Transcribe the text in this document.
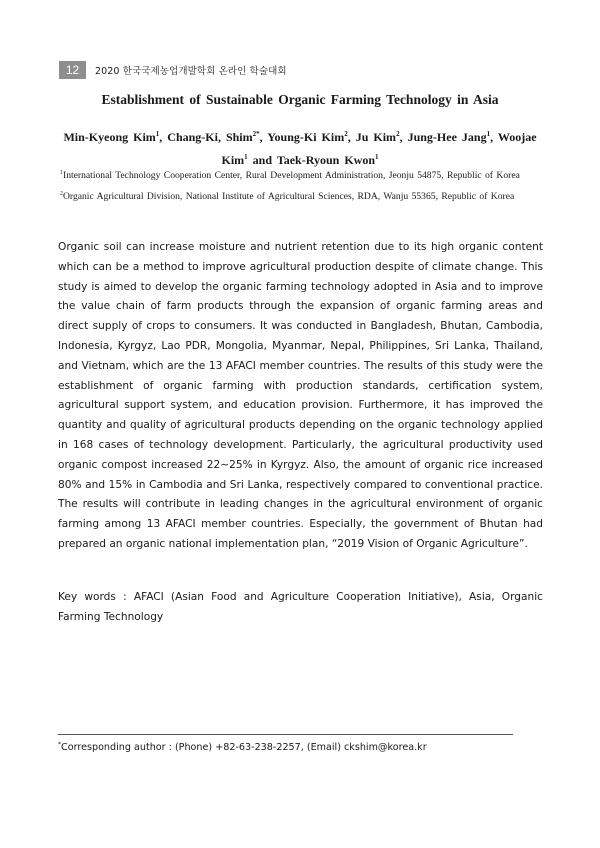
12	2020 한국국제농업개발학회 온라인 학술대회
Establishment of Sustainable Organic Farming Technology in Asia
Min-Kyeong Kim$^1$, Chang-Ki, Shim$^{2*}$, Young-Ki Kim$^2$, Ju Kim$^2$, Jung-Hee Jang$^1$, Woojae Kim$^1$ and Taek-Ryoun Kwon$^1$
$^1$International Technology Cooperation Center, Rural Development Administration, Jeonju 54875, Republic of Korea
$^2$Organic Agricultural Division, National Institute of Agricultural Sciences, RDA, Wanju 55365, Republic of Korea
Organic soil can increase moisture and nutrient retention due to its high organic content which can be a method to improve agricultural production despite of climate change. This study is aimed to develop the organic farming technology adopted in Asia and to improve the value chain of farm products through the expansion of organic farming areas and direct supply of crops to consumers. It was conducted in Bangladesh, Bhutan, Cambodia, Indonesia, Kyrgyz, Lao PDR, Mongolia, Myanmar, Nepal, Philippines, Sri Lanka, Thailand, and Vietnam, which are the 13 AFACI member countries. The results of this study were the establishment of organic farming with production standards, certification system, agricultural support system, and education provision. Furthermore, it has improved the quantity and quality of agricultural products depending on the organic technology applied in 168 cases of technology development. Particularly, the agricultural productivity used organic compost increased 22∼25% in Kyrgyz. Also, the amount of organic rice increased 80% and 15% in Cambodia and Sri Lanka, respectively compared to conventional practice. The results will contribute in leading changes in the agricultural environment of organic farming among 13 AFACI member countries. Especially, the government of Bhutan had prepared an organic national implementation plan, “2019 Vision of Organic Agriculture”.
Key words : AFACI (Asian Food and Agriculture Cooperation Initiative), Asia, Organic Farming Technology
*Corresponding author : (Phone) +82-63-238-2257, (Email) ckshim@korea.kr
